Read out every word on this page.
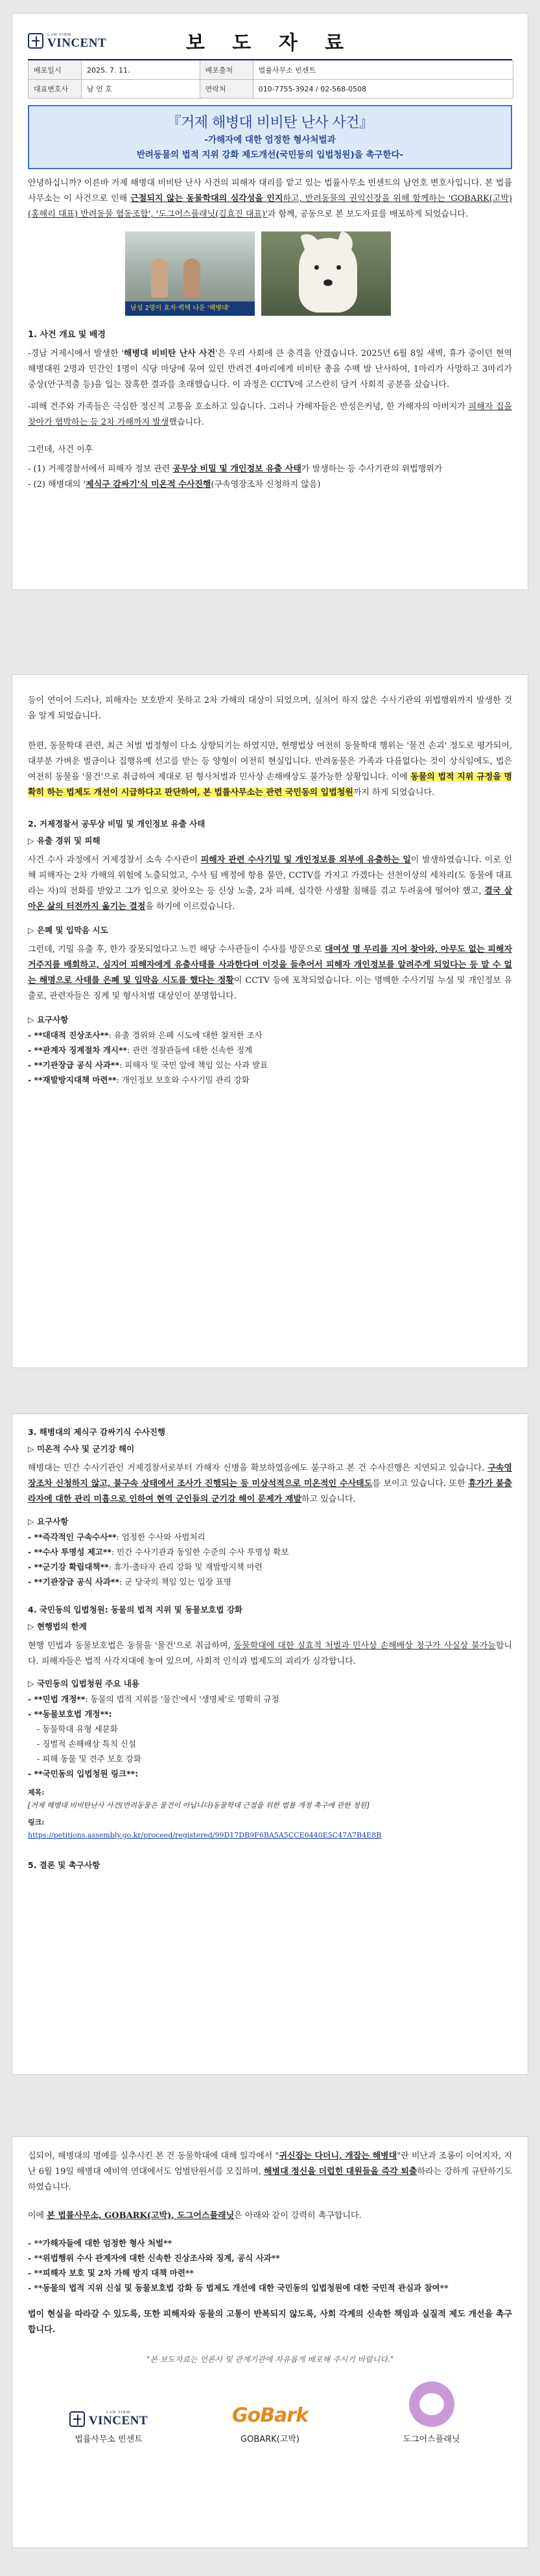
LAW FIRM
VINCENT	보 도 자 료
배포일시	2025. 7. 11.	배포출처	법률사무소 빈센트
대표변호사	남 언 호	연락처	010-7755-3924 / 02-568-0508
『거제 해병대 비비탄 난사 사건』
-가해자에 대한 엄정한 형사처벌과
반려동물의 법적 지위 강화 제도개선(국민동의 입법청원)을 촉구한다-

안녕하십니까? 이른바 거제 해병대 비비탄 난사 사건의 피해자 대리를 맡고 있는 법률사무소 빈센트의 남언호 변호사입니다. 본 법률사무소는 이 사건으로 인해 근절되지 않는 동물학대의 심각성을 인지하고, 반려동물의 권익신장을 위해 함께하는 'GOBARK(고박)(홍해리 대표) 반려동물 협동조합', '도그어스플래닛(김효진 대표)'과 함께, 공동으로 본 보도자료를 배포하게 되었습니다.

남성 2명이 효자·퀵택 나운 '해병대'
1. 사건 개요 및 배경

-경남 거제시에서 발생한 '해병대 비비탄 난사 사건'은 우리 사회에 큰 충격을 안겼습니다. 2025년 6월 8일 새벽, 휴가 중이던 현역 해병대원 2명과 민간인 1명이 식당 마당에 묶여 있던 반려견 4마리에게 비비탄 총을 수백 발 난사하여, 1마리가 사망하고 3마리가 중상(안구적출 등)을 입는 참혹한 결과를 초래했습니다. 이 과정은 CCTV에 고스란히 담겨 사회적 공분을 샀습니다.

-피해 견주와 가족들은 극심한 정신적 고통을 호소하고 있습니다. 그러나 가해자들은 반성은커녕, 한 가해자의 아버지가 피해자 집을 찾아가 협박하는 등 2차 가해까지 발생했습니다.

그런데, 사건 이후

- (1) 거제경찰서에서 피해자 정보 관련 공무상 비밀 및 개인정보 유출 사태가 발생하는 등 수사기관의 위법행위가
- (2) 해병대의 '제식구 감싸기'식 미온적 수사진행(구속영장조차 신청하지 않음)

등이 연이어 드러나, 피해자는 보호받지 못하고 2차 가해의 대상이 되었으며, 실처어 하지 않은 수사기관의 위법행위까지 발생한 것을 알게 되었습니다.

한편, 동물학대 관련, 최근 처벌 법정형이 다소 상향되기는 하였지만, 현행법상 여전히 동물학대 행위는 '물건 손괴' 정도로 평가되어, 대부분 가벼운 벌금이나 집행유예 선고를 받는 등 양형이 여전히 현실입니다. 반려동물은 가족과 다름없다는 것이 상식임에도, 법은 여전히 동물을 '물건'으로 취급하여 제대로 된 형사처벌과 민사상 손해배상도 불가능한 상황입니다. 이에 동물의 법적 지위 규정을 명확히 하는 법제도 개선이 시급하다고 판단하여, 본 법률사무소는 관련 국민동의 입법청원까지 하게 되었습니다.

2. 거제경찰서 공무상 비밀 및 개인정보 유출 사태
▷ 유출 경위 및 피해

사건 수사 과정에서 거제경찰서 소속 수사관이 피해자 관련 수사기밀 및 개인정보를 외부에 유출하는 일이 발생하였습니다. 이로 인해 피해자는 2차 가해의 위험에 노출되었고, 수사 팀 배정에 항용 불만, CCTV를 가지고 가겠다는 선천이상의 세차리(도 동물에 대표라는 자)의 전화를 받았고 그가 입으로 찾아오는 등 신상 노출, 2차 피해, 심각한 사생활 침해를 겪고 두려움에 떨어야 했고, 결국 살아온 삶의 터전까지 옮기는 결정을 하기에 이르렀습니다.

▷ 은폐 및 입막음 시도

그런데, 기밀 유출 후, 한가 잘못되었다고 느낀 해당 수사관들이 수사를 방문으로 대여섯 명 무리를 지어 찾아와, 아무도 없는 피해자 거주지를 배회하고, 심지어 피해자에게 유출사태를 사과한다며 이것을 들추어서 피해자 개인정보를 알려주게 되었다는 등 말 수 없는 해명으로 사태를 은폐 및 입막음 시도를 했다는 정황이 CCTV 등에 포착되었습니다. 이는 명백한 수사기밀 누설 및 개인정보 유출로, 관련자들은 징계 및 형사처벌 대상인이 분명합니다.

▷ 요구사항
- **대대적 진상조사**: 유출 경위와 은폐 시도에 대한 철저한 조사
- **관계자 징계절차 개시**: 관련 경찰관들에 대한 신속한 징계
- **기관장급 공식 사과**: 피해자 및 국민 앞에 책임 있는 사과 발표
- **재발방지대책 마련**: 개인정보 보호와 수사기밀 관리 강화
3. 해병대의 제식구 감싸기식 수사진행
▷ 미온적 수사 및 군기강 해이

해병대는 민간 수사기관인 거제경찰서로부터 가해자 신병을 확보하였음에도 불구하고 본 건 수사진행은 지연되고 있습니다. 구속영장조차 신청하지 않고, 불구속 상태에서 조사가 진행되는 등 미상석적으로 미온적인 수사태도를 보이고 있습니다. 또한 휴가가 불출라자에 대한 관리 미흡으로 인하여 현역 군인들의 군기강 해이 문제가 재발하고 있습니다.

▷ 요구사항
- **즉각적인 구속수사**: 엄정한 수사와 사법처리
- **수사 투명성 제고**: 민간 수사기관과 동일한 수준의 수사 투명성 확보
- **군기강 확립대책**: 휴가·출타자 관리 강화 및 재발방지책 마련
- **기관장급 공식 사과**: 군 당국의 책임 있는 입장 표명
4. 국민동의 입법청원: 동물의 법적 지위 및 동물보호법 강화
▷ 현행법의 한계

현행 민법과 동물보호법은 동물을 '물건'으로 취급하며, 동물학대에 대한 실효적 처벌과 민사상 손해배상 청구가 사실상 불가능합니다. 피해자들은 법적 사각지대에 놓여 있으며, 사회적 인식과 법제도의 괴리가 심각합니다.

▷ 국민동의 입법청원 주요 내용
- **민법 개정**: 동물의 법적 지위를 '물건'에서 '생명체'로 명확히 규정
- **동물보호법 개정**:
- 동물학대 유형 세분화
- 징벌적 손해배상 특칙 신설
- 피해 동물 및 견주 보호 강화
- **국민동의 입법청원 링크**:
제목:
[거제 해병대 비비탄난사 사건(반려동물은 물건이 아닙니다)동물학대 근절을 위한 법률 개정 촉구에 관한 청원]
링크:
https://petitions.assembly.go.kr/proceed/registered/99D17DB9F6BA5A5CCE0440E5C47A7B4E8B
5. 결론 및 촉구사항

십되어, 해병대의 명예를 실추시킨 본 건 동물학대에 대해 일각에서 "귀신잡는 다더니, 개잡는 해병대"란 비난과 조롱이 이어지자, 지난 6월 19일 해병대 예비역 연대에서도 엄벌탄원서를 모집하며, 해병대 정신을 더럽힌 대원들을 즉각 퇴출하라는 강하게 규탄하기도 하였습니다.

이에 본 법률사무소, GOBARK(고박), 도그어스플래닛은 아래와 같이 강력히 촉구합니다.

- **가해자들에 대한 엄정한 형사 처벌**
- **위법행위 수사 관계자에 대한 신속한 진상조사와 징계, 공식 사과**
- **피해자 보호 및 2차 가해 방지 대책 마련**
- **동물의 법적 지위 신설 및 동물보호법 강화 등 법제도 개선에 대한 국민동의 입법청원에 대한 국민적 관심과 참여**

법이 현실을 따라갈 수 있도록, 또한 피해자와 동물의 고통이 반복되지 않도록, 사회 각계의 신속한 책임과 실질적 제도 개선을 촉구합니다.

"본 보도자료는 언론사 및 관계기관에 자유롭게 배포해 주시기 바랍니다."
LAW FIRM
VINCENT
법률사무소 빈센트
GoBark
GOBARK(고박)	도그어스플래닛
